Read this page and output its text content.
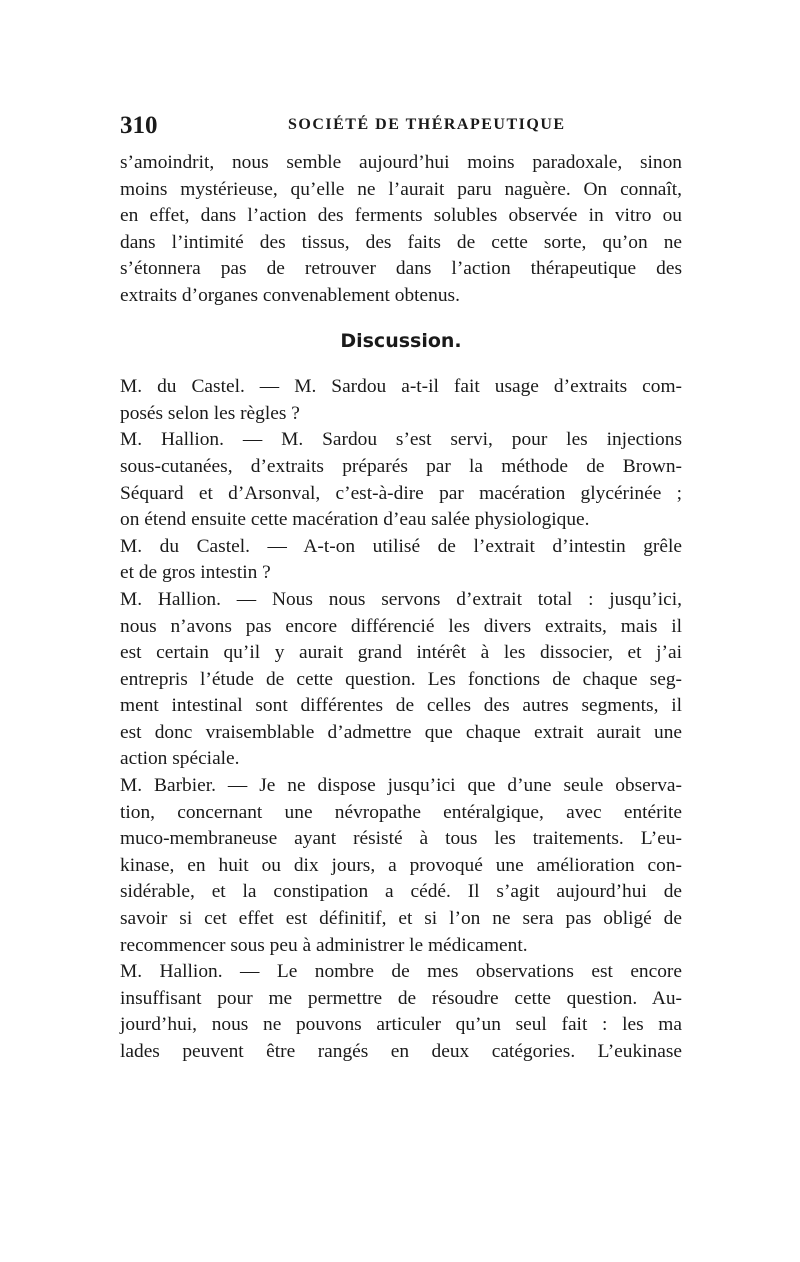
310	SOCIÉTÉ DE THÉRAPEUTIQUE
s’amoindrit, nous semble aujourd’hui moins paradoxale, sinon
moins mystérieuse, qu’elle ne l’aurait paru naguère. On connaît,
en effet, dans l’action des ferments solubles observée in vitro ou
dans l’intimité des tissus, des faits de cette sorte, qu’on ne
s’étonnera pas de retrouver dans l’action thérapeutique des
extraits d’organes convenablement obtenus.
Discussion.
M. du Castel. — M. Sardou a-t-il fait usage d’extraits com-
posés selon les règles ?
M. Hallion. — M. Sardou s’est servi, pour les injections
sous-cutanées, d’extraits préparés par la méthode de Brown-
Séquard et d’Arsonval, c’est-à-dire par macération glycérinée ;
on étend ensuite cette macération d’eau salée physiologique.
M. du Castel. — A-t-on utilisé de l’extrait d’intestin grêle
et de gros intestin ?
M. Hallion. — Nous nous servons d’extrait total : jusqu’ici,
nous n’avons pas encore différencié les divers extraits, mais il
est certain qu’il y aurait grand intérêt à les dissocier, et j’ai
entrepris l’étude de cette question. Les fonctions de chaque seg-
ment intestinal sont différentes de celles des autres segments, il
est donc vraisemblable d’admettre que chaque extrait aurait une
action spéciale.
M. Barbier. — Je ne dispose jusqu’ici que d’une seule observa-
tion, concernant une névropathe entéralgique, avec entérite
muco-membraneuse ayant résisté à tous les traitements. L’eu-
kinase, en huit ou dix jours, a provoqué une amélioration con-
sidérable, et la constipation a cédé. Il s’agit aujourd’hui de
savoir si cet effet est définitif, et si l’on ne sera pas obligé de
recommencer sous peu à administrer le médicament.
M. Hallion. — Le nombre de mes observations est encore
insuffisant pour me permettre de résoudre cette question. Au-
jourd’hui, nous ne pouvons articuler qu’un seul fait : les ma
lades peuvent être rangés en deux catégories. L’eukinase
